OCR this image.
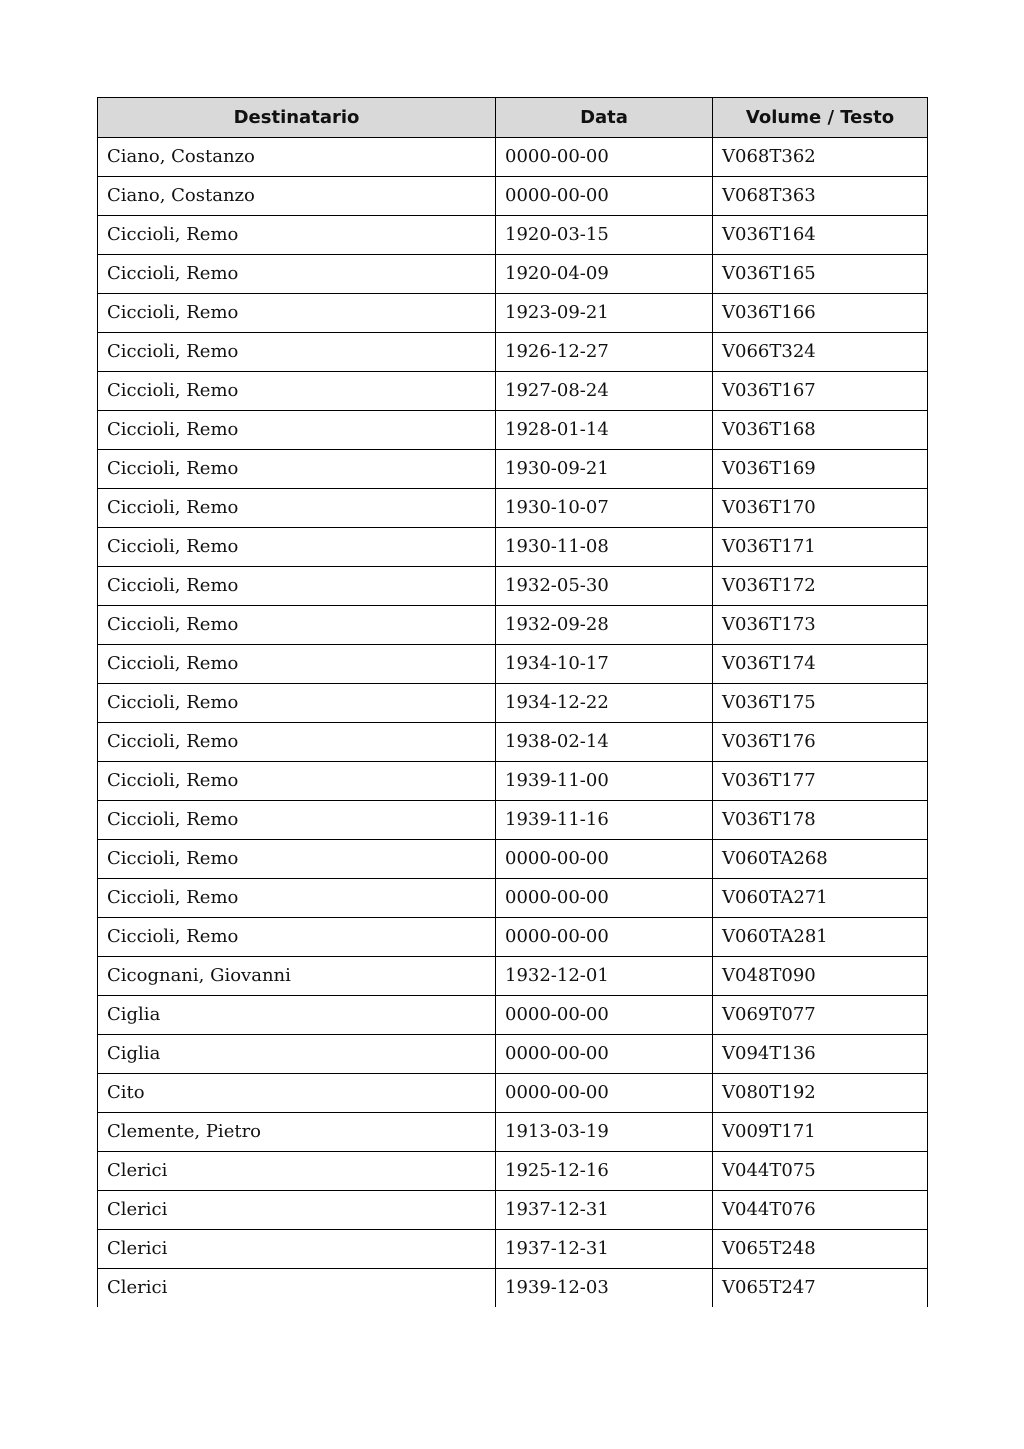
Destinatario	Data	Volume / Testo
Ciano, Costanzo	0000-00-00	V068T362
Ciano, Costanzo	0000-00-00	V068T363
Ciccioli, Remo	1920-03-15	V036T164
Ciccioli, Remo	1920-04-09	V036T165
Ciccioli, Remo	1923-09-21	V036T166
Ciccioli, Remo	1926-12-27	V066T324
Ciccioli, Remo	1927-08-24	V036T167
Ciccioli, Remo	1928-01-14	V036T168
Ciccioli, Remo	1930-09-21	V036T169
Ciccioli, Remo	1930-10-07	V036T170
Ciccioli, Remo	1930-11-08	V036T171
Ciccioli, Remo	1932-05-30	V036T172
Ciccioli, Remo	1932-09-28	V036T173
Ciccioli, Remo	1934-10-17	V036T174
Ciccioli, Remo	1934-12-22	V036T175
Ciccioli, Remo	1938-02-14	V036T176
Ciccioli, Remo	1939-11-00	V036T177
Ciccioli, Remo	1939-11-16	V036T178
Ciccioli, Remo	0000-00-00	V060TA268
Ciccioli, Remo	0000-00-00	V060TA271
Ciccioli, Remo	0000-00-00	V060TA281
Cicognani, Giovanni	1932-12-01	V048T090
Ciglia	0000-00-00	V069T077
Ciglia	0000-00-00	V094T136
Cito	0000-00-00	V080T192
Clemente, Pietro	1913-03-19	V009T171
Clerici	1925-12-16	V044T075
Clerici	1937-12-31	V044T076
Clerici	1937-12-31	V065T248
Clerici	1939-12-03	V065T247
